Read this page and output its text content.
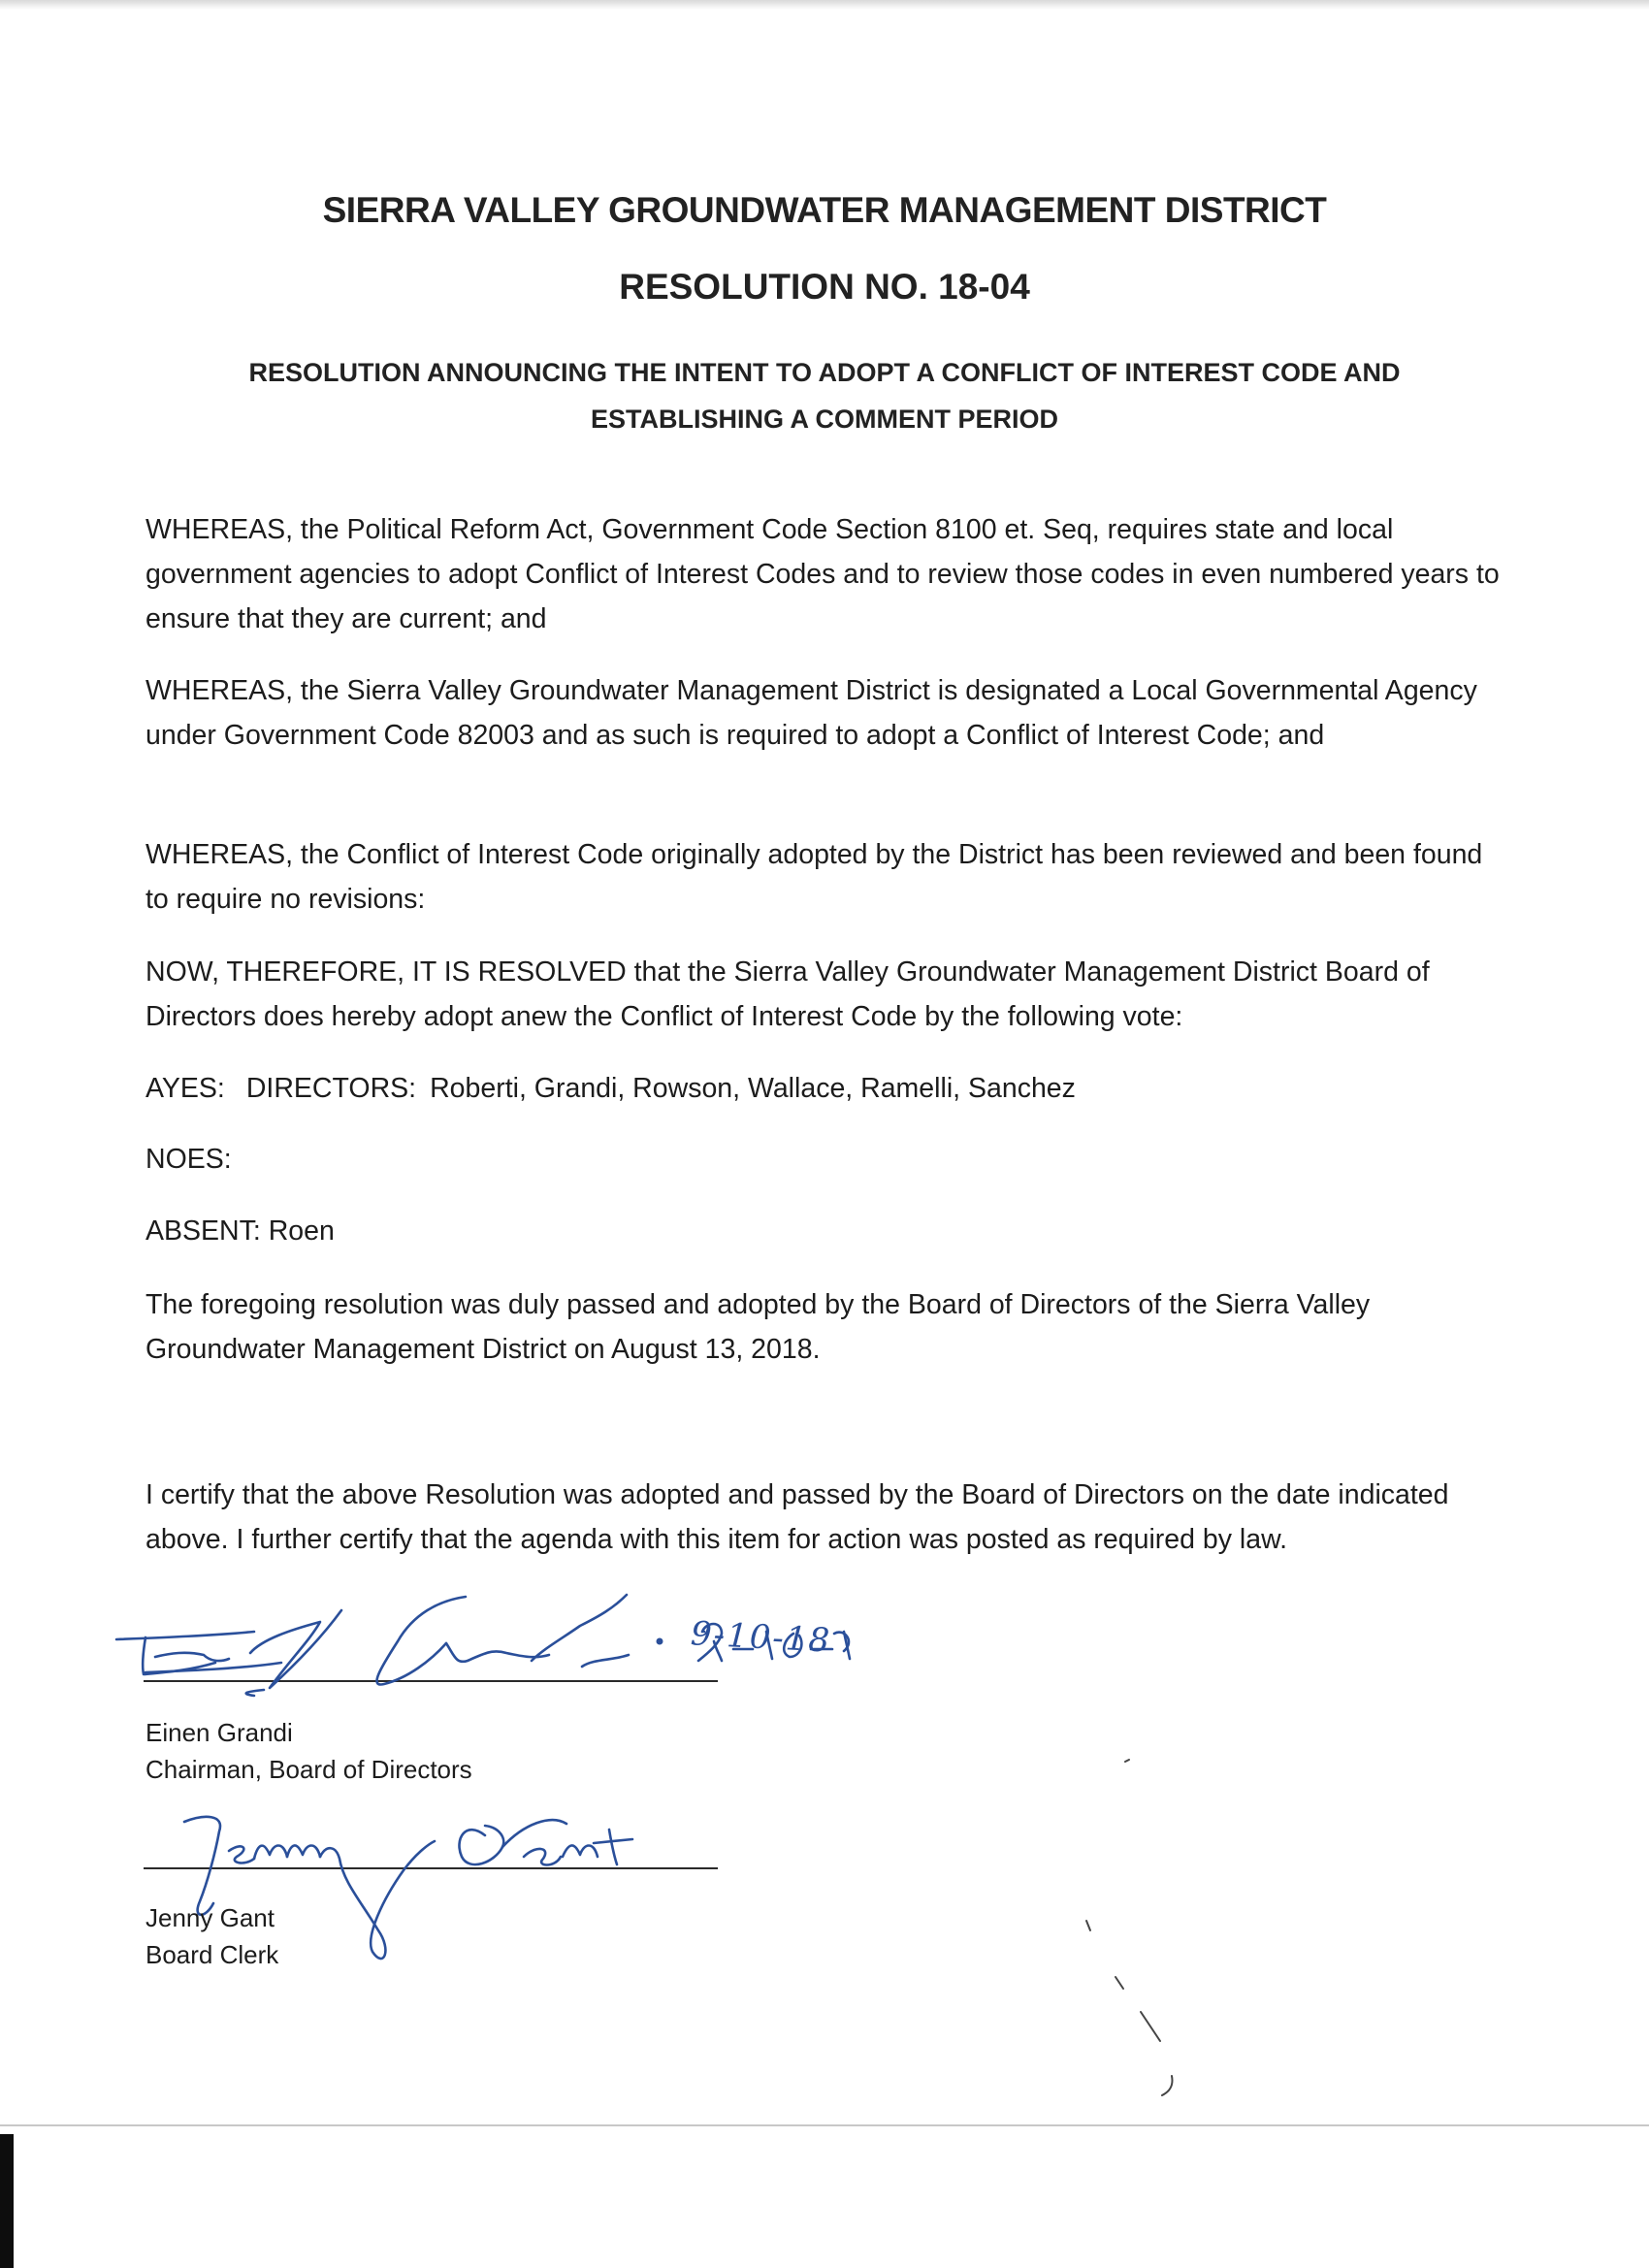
SIERRA VALLEY GROUNDWATER MANAGEMENT DISTRICT
RESOLUTION NO. 18-04
RESOLUTION ANNOUNCING THE INTENT TO ADOPT A CONFLICT OF INTEREST CODE AND
ESTABLISHING A COMMENT PERIOD

WHEREAS, the Political Reform Act, Government Code Section 8100 et. Seq, requires state and local government agencies to adopt Conflict of Interest Codes and to review those codes in even numbered years to ensure that they are current; and

WHEREAS, the Sierra Valley Groundwater Management District is designated a Local Governmental Agency under Government Code 82003 and as such is required to adopt a Conflict of Interest Code; and

WHEREAS, the Conflict of Interest Code originally adopted by the District has been reviewed and been found to require no revisions:

NOW, THEREFORE, IT IS RESOLVED that the Sierra Valley Groundwater Management District Board of Directors does hereby adopt anew the Conflict of Interest Code by the following vote:

AYES: DIRECTORS: Roberti, Grandi, Rowson, Wallace, Ramelli, Sanchez

NOES:

ABSENT: Roen

The foregoing resolution was duly passed and adopted by the Board of Directors of the Sierra Valley Groundwater Management District on August 13, 2018.

I certify that the above Resolution was adopted and passed by the Board of Directors on the date indicated above. I further certify that the agenda with this item for action was posted as required by law.

Einen Grandi
Chairman, Board of Directors
Jenny Gant
Board Clerk
9-10-18
